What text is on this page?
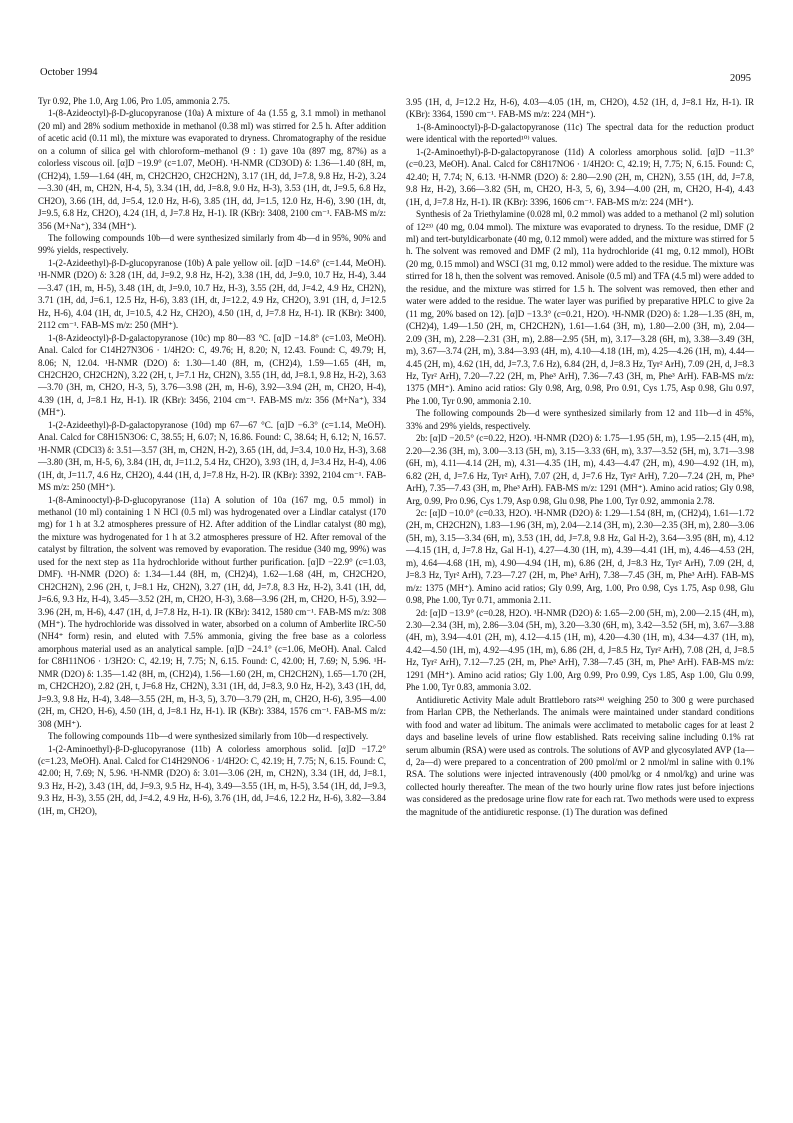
October 1994
2095

Tyr 0.92, Phe 1.0, Arg 1.06, Pro 1.05, ammonia 2.75.

1-(8-Azideoctyl)-β-D-glucopyranose (10a) A mixture of 4a (1.55 g, 3.1 mmol) in methanol (20 ml) and 28% sodium methoxide in methanol (0.38 ml) was stirred for 2.5 h. After addition of acetic acid (0.11 ml), the mixture was evaporated to dryness. Chromatography of the residue on a column of silica gel with chloroform–methanol (9 : 1) gave 10a (897 mg, 87%) as a colorless viscous oil. [α]D −19.9° (c=1.07, MeOH). ¹H-NMR (CD3OD) δ: 1.36—1.40 (8H, m, (CH2)4), 1.59—1.64 (4H, m, CH2CH2O, CH2CH2N), 3.17 (1H, dd, J=7.8, 9.8 Hz, H-2), 3.24—3.30 (4H, m, CH2N, H-4, 5), 3.34 (1H, dd, J=8.8, 9.0 Hz, H-3), 3.53 (1H, dt, J=9.5, 6.8 Hz, CH2O), 3.66 (1H, dd, J=5.4, 12.0 Hz, H-6), 3.85 (1H, dd, J=1.5, 12.0 Hz, H-6), 3.90 (1H, dt, J=9.5, 6.8 Hz, CH2O), 4.24 (1H, d, J=7.8 Hz, H-1). IR (KBr): 3408, 2100 cm⁻¹. FAB-MS m/z: 356 (M+Na⁺), 334 (MH⁺).

The following compounds 10b—d were synthesized similarly from 4b—d in 95%, 90% and 99% yields, respectively.

1-(2-Azideethyl)-β-D-glucopyranose (10b) A pale yellow oil. [α]D −14.6° (c=1.44, MeOH). ¹H-NMR (D2O) δ: 3.28 (1H, dd, J=9.2, 9.8 Hz, H-2), 3.38 (1H, dd, J=9.0, 10.7 Hz, H-4), 3.44—3.47 (1H, m, H-5), 3.48 (1H, dt, J=9.0, 10.7 Hz, H-3), 3.55 (2H, dd, J=4.2, 4.9 Hz, CH2N), 3.71 (1H, dd, J=6.1, 12.5 Hz, H-6), 3.83 (1H, dt, J=12.2, 4.9 Hz, CH2O), 3.91 (1H, d, J=12.5 Hz, H-6), 4.04 (1H, dt, J=10.5, 4.2 Hz, CH2O), 4.50 (1H, d, J=7.8 Hz, H-1). IR (KBr): 3400, 2112 cm⁻¹. FAB-MS m/z: 250 (MH⁺).

1-(8-Azideoctyl)-β-D-galactopyranose (10c) mp 80—83 °C. [α]D −14.8° (c=1.03, MeOH). Anal. Calcd for C14H27N3O6 · 1/4H2O: C, 49.76; H, 8.20; N, 12.43. Found: C, 49.79; H, 8.06; N, 12.04. ¹H-NMR (D2O) δ: 1.30—1.40 (8H, m, (CH2)4), 1.59—1.65 (4H, m, CH2CH2O, CH2CH2N), 3.22 (2H, t, J=7.1 Hz, CH2N), 3.55 (1H, dd, J=8.1, 9.8 Hz, H-2), 3.63—3.70 (3H, m, CH2O, H-3, 5), 3.76—3.98 (2H, m, H-6), 3.92—3.94 (2H, m, CH2O, H-4), 4.39 (1H, d, J=8.1 Hz, H-1). IR (KBr): 3456, 2104 cm⁻¹. FAB-MS m/z: 356 (M+Na⁺), 334 (MH⁺).

1-(2-Azideethyl)-β-D-galactopyranose (10d) mp 67—67 °C. [α]D −6.3° (c=1.14, MeOH). Anal. Calcd for C8H15N3O6: C, 38.55; H, 6.07; N, 16.86. Found: C, 38.64; H, 6.12; N, 16.57. ¹H-NMR (CDCl3) δ: 3.51—3.57 (3H, m, CH2N, H-2), 3.65 (1H, dd, J=3.4, 10.0 Hz, H-3), 3.68—3.80 (3H, m, H-5, 6), 3.84 (1H, dt, J=11.2, 5.4 Hz, CH2O), 3.93 (1H, d, J=3.4 Hz, H-4), 4.06 (1H, dt, J=11.7, 4.6 Hz, CH2O), 4.44 (1H, d, J=7.8 Hz, H-2). IR (KBr): 3392, 2104 cm⁻¹. FAB-MS m/z: 250 (MH⁺).

1-(8-Aminooctyl)-β-D-glucopyranose (11a) A solution of 10a (167 mg, 0.5 mmol) in methanol (10 ml) containing 1 N HCl (0.5 ml) was hydrogenated over a Lindlar catalyst (170 mg) for 1 h at 3.2 atmospheres pressure of H2. After addition of the Lindlar catalyst (80 mg), the mixture was hydrogenated for 1 h at 3.2 atmospheres pressure of H2. After removal of the catalyst by filtration, the solvent was removed by evaporation. The residue (340 mg, 99%) was used for the next step as 11a hydrochloride without further purification. [α]D −22.9° (c=1.03, DMF). ¹H-NMR (D2O) δ: 1.34—1.44 (8H, m, (CH2)4), 1.62—1.68 (4H, m, CH2CH2O, CH2CH2N), 2.96 (2H, t, J=8.1 Hz, CH2N), 3.27 (1H, dd, J=7.8, 8.3 Hz, H-2), 3.41 (1H, dd, J=6.6, 9.3 Hz, H-4), 3.45—3.52 (2H, m, CH2O, H-3), 3.68—3.96 (2H, m, CH2O, H-5), 3.92—3.96 (2H, m, H-6), 4.47 (1H, d, J=7.8 Hz, H-1). IR (KBr): 3412, 1580 cm⁻¹. FAB-MS m/z: 308 (MH⁺). The hydrochloride was dissolved in water, absorbed on a column of Amberlite IRC-50 (NH4⁺ form) resin, and eluted with 7.5% ammonia, giving the free base as a colorless amorphous material used as an analytical sample. [α]D −24.1° (c=1.06, MeOH). Anal. Calcd for C8H11NO6 · 1/3H2O: C, 42.19; H, 7.75; N, 6.15. Found: C, 42.00; H, 7.69; N, 5.96. ¹H-NMR (D2O) δ: 1.35—1.42 (8H, m, (CH2)4), 1.56—1.60 (2H, m, CH2CH2N), 1.65—1.70 (2H, m, CH2CH2O), 2.82 (2H, t, J=6.8 Hz, CH2N), 3.31 (1H, dd, J=8.3, 9.0 Hz, H-2), 3.43 (1H, dd, J=9.3, 9.8 Hz, H-4), 3.48—3.55 (2H, m, H-3, 5), 3.70—3.79 (2H, m, CH2O, H-6), 3.95—4.00 (2H, m, CH2O, H-6), 4.50 (1H, d, J=8.1 Hz, H-1). IR (KBr): 3384, 1576 cm⁻¹. FAB-MS m/z: 308 (MH⁺).

The following compounds 11b—d were synthesized similarly from 10b—d respectively.

1-(2-Aminoethyl)-β-D-glucopyranose (11b) A colorless amorphous solid. [α]D −17.2° (c=1.23, MeOH). Anal. Calcd for C14H29NO6 · 1/4H2O: C, 42.19; H, 7.75; N, 6.15. Found: C, 42.00; H, 7.69; N, 5.96. ¹H-NMR (D2O) δ: 3.01—3.06 (2H, m, CH2N), 3.34 (1H, dd, J=8.1, 9.3 Hz, H-2), 3.43 (1H, dd, J=9.3, 9.5 Hz, H-4), 3.49—3.55 (1H, m, H-5), 3.54 (1H, dd, J=9.3, 9.3 Hz, H-3), 3.55 (2H, dd, J=4.2, 4.9 Hz, H-6), 3.76 (1H, dd, J=4.6, 12.2 Hz, H-6), 3.82—3.84 (1H, m, CH2O),

3.95 (1H, d, J=12.2 Hz, H-6), 4.03—4.05 (1H, m, CH2O), 4.52 (1H, d, J=8.1 Hz, H-1). IR (KBr): 3364, 1590 cm⁻¹. FAB-MS m/z: 224 (MH⁺).

1-(8-Aminooctyl)-β-D-galactopyranose (11c) The spectral data for the reduction product were identical with the reported¹⁰⁾ values.

1-(2-Aminoethyl)-β-D-galactopyranose (11d) A colorless amorphous solid. [α]D −11.3° (c=0.23, MeOH). Anal. Calcd for C8H17NO6 · 1/4H2O: C, 42.19; H, 7.75; N, 6.15. Found: C, 42.40; H, 7.74; N, 6.13. ¹H-NMR (D2O) δ: 2.80—2.90 (2H, m, CH2N), 3.55 (1H, dd, J=7.8, 9.8 Hz, H-2), 3.66—3.82 (5H, m, CH2O, H-3, 5, 6), 3.94—4.00 (2H, m, CH2O, H-4), 4.43 (1H, d, J=7.8 Hz, H-1). IR (KBr): 3396, 1606 cm⁻¹. FAB-MS m/z: 224 (MH⁺).

Synthesis of 2a Triethylamine (0.028 ml, 0.2 mmol) was added to a methanol (2 ml) solution of 12²³⁾ (40 mg, 0.04 mmol). The mixture was evaporated to dryness. To the residue, DMF (2 ml) and tert-butyldicarbonate (40 mg, 0.12 mmol) were added, and the mixture was stirred for 5 h. The solvent was removed and DMF (2 ml), 11a hydrochloride (41 mg, 0.12 mmol), HOBt (20 mg, 0.15 mmol) and WSCI (31 mg, 0.12 mmol) were added to the residue. The mixture was stirred for 18 h, then the solvent was removed. Anisole (0.5 ml) and TFA (4.5 ml) were added to the residue, and the mixture was stirred for 1.5 h. The solvent was removed, then ether and water were added to the residue. The water layer was purified by preparative HPLC to give 2a (11 mg, 20% based on 12). [α]D −13.3° (c=0.21, H2O). ¹H-NMR (D2O) δ: 1.28—1.35 (8H, m, (CH2)4), 1.49—1.50 (2H, m, CH2CH2N), 1.61—1.64 (3H, m), 1.80—2.00 (3H, m), 2.04—2.09 (3H, m), 2.28—2.31 (3H, m), 2.88—2.95 (5H, m), 3.17—3.28 (6H, m), 3.38—3.49 (3H, m), 3.67—3.74 (2H, m), 3.84—3.93 (4H, m), 4.10—4.18 (1H, m), 4.25—4.26 (1H, m), 4.44—4.45 (2H, m), 4.62 (1H, dd, J=7.3, 7.6 Hz), 6.84 (2H, d, J=8.3 Hz, Tyr² ArH), 7.09 (2H, d, J=8.3 Hz, Tyr² ArH), 7.20—7.22 (2H, m, Phe³ ArH), 7.36—7.43 (3H, m, Phe³ ArH). FAB-MS m/z: 1375 (MH⁺). Amino acid ratios: Gly 0.98, Arg, 0.98, Pro 0.91, Cys 1.75, Asp 0.98, Glu 0.97, Phe 1.00, Tyr 0.90, ammonia 2.10.

The following compounds 2b—d were synthesized similarly from 12 and 11b—d in 45%, 33% and 29% yields, respectively.

2b: [α]D −20.5° (c=0.22, H2O). ¹H-NMR (D2O) δ: 1.75—1.95 (5H, m), 1.95—2.15 (4H, m), 2.20—2.36 (3H, m), 3.00—3.13 (5H, m), 3.15—3.33 (6H, m), 3.37—3.52 (5H, m), 3.71—3.98 (6H, m), 4.11—4.14 (2H, m), 4.31—4.35 (1H, m), 4.43—4.47 (2H, m), 4.90—4.92 (1H, m), 6.82 (2H, d, J=7.6 Hz, Tyr² ArH), 7.07 (2H, d, J=7.6 Hz, Tyr² ArH), 7.20—7.24 (2H, m, Phe³ ArH), 7.35—7.43 (3H, m, Phe³ ArH). FAB-MS m/z: 1291 (MH⁺). Amino acid ratios; Gly 0.98, Arg, 0.99, Pro 0.96, Cys 1.79, Asp 0.98, Glu 0.98, Phe 1.00, Tyr 0.92, ammonia 2.78.

2c: [α]D −10.0° (c=0.33, H2O). ¹H-NMR (D2O) δ: 1.29—1.54 (8H, m, (CH2)4), 1.61—1.72 (2H, m, CH2CH2N), 1.83—1.96 (3H, m), 2.04—2.14 (3H, m), 2.30—2.35 (3H, m), 2.80—3.06 (5H, m), 3.15—3.34 (6H, m), 3.53 (1H, dd, J=7.8, 9.8 Hz, Gal H-2), 3.64—3.95 (8H, m), 4.12—4.15 (1H, d, J=7.8 Hz, Gal H-1), 4.27—4.30 (1H, m), 4.39—4.41 (1H, m), 4.46—4.53 (2H, m), 4.64—4.68 (1H, m), 4.90—4.94 (1H, m), 6.86 (2H, d, J=8.3 Hz, Tyr² ArH), 7.09 (2H, d, J=8.3 Hz, Tyr² ArH), 7.23—7.27 (2H, m, Phe³ ArH), 7.38—7.45 (3H, m, Phe³ ArH). FAB-MS m/z: 1375 (MH⁺). Amino acid ratios; Gly 0.99, Arg, 1.00, Pro 0.98, Cys 1.75, Asp 0.98, Glu 0.98, Phe 1.00, Tyr 0.71, ammonia 2.11.

2d: [α]D −13.9° (c=0.28, H2O). ¹H-NMR (D2O) δ: 1.65—2.00 (5H, m), 2.00—2.15 (4H, m), 2.30—2.34 (3H, m), 2.86—3.04 (5H, m), 3.20—3.30 (6H, m), 3.42—3.52 (5H, m), 3.67—3.88 (4H, m), 3.94—4.01 (2H, m), 4.12—4.15 (1H, m), 4.20—4.30 (1H, m), 4.34—4.37 (1H, m), 4.42—4.50 (1H, m), 4.92—4.95 (1H, m), 6.86 (2H, d, J=8.5 Hz, Tyr² ArH), 7.08 (2H, d, J=8.5 Hz, Tyr² ArH), 7.12—7.25 (2H, m, Phe³ ArH), 7.38—7.45 (3H, m, Phe³ ArH). FAB-MS m/z: 1291 (MH⁺). Amino acid ratios; Gly 1.00, Arg 0.99, Pro 0.99, Cys 1.85, Asp 1.00, Glu 0.99, Phe 1.00, Tyr 0.83, ammonia 3.02.

Antidiuretic Activity Male adult Brattleboro rats²⁴⁾ weighing 250 to 300 g were purchased from Harlan CPB, the Netherlands. The animals were maintained under standard conditions with food and water ad libitum. The animals were acclimated to metabolic cages for at least 2 days and baseline levels of urine flow established. Rats receiving saline including 0.1% rat serum albumin (RSA) were used as controls. The solutions of AVP and glycosylated AVP (1a—d, 2a—d) were prepared to a concentration of 200 pmol/ml or 2 nmol/ml in saline with 0.1% RSA. The solutions were injected intravenously (400 pmol/kg or 4 nmol/kg) and urine was collected hourly thereafter. The mean of the two hourly urine flow rates just before injections was considered as the predosage urine flow rate for each rat. Two methods were used to express the magnitude of the antidiuretic response. (1) The duration was defined
